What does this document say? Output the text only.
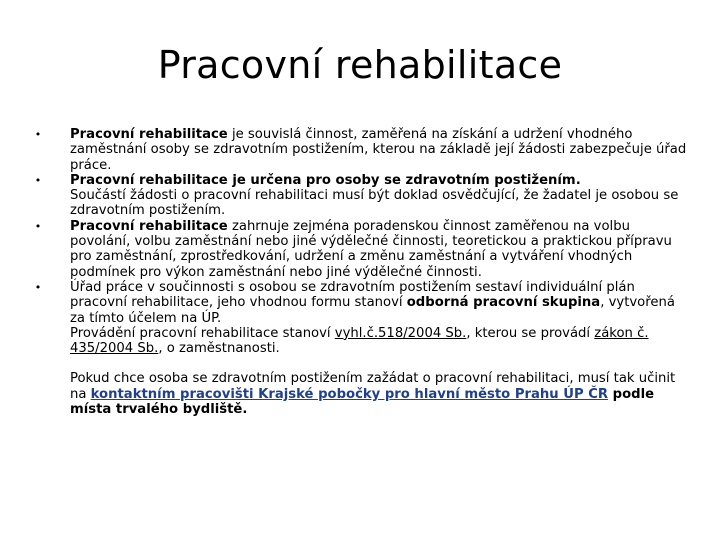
Pracovní rehabilitace
• Pracovní rehabilitace je souvislá činnost, zaměřená na získání a udržení vhodného zaměstnání osoby se zdravotním postižením, kterou na základě její žádosti zabezpečuje úřad práce.
• Pracovní rehabilitace je určena pro osoby se zdravotním postižením.
Součástí žádosti o pracovní rehabilitaci musí být doklad osvědčující, že žadatel je osobou se zdravotním postižením.
• Pracovní rehabilitace zahrnuje zejména poradenskou činnost zaměřenou na volbu povolání, volbu zaměstnání nebo jiné výdělečné činnosti, teoretickou a praktickou přípravu pro zaměstnání, zprostředkování, udržení a změnu zaměstnání a vytváření vhodných podmínek pro výkon zaměstnání nebo jiné výdělečné činnosti.
• Úřad práce v součinnosti s osobou se zdravotním postižením sestaví individuální plán pracovní rehabilitace, jeho vhodnou formu stanoví odborná pracovní skupina, vytvořená za tímto účelem na ÚP.
Provádění pracovní rehabilitace stanoví vyhl.č.518/2004 Sb., kterou se provádí zákon č. 435/2004 Sb., o zaměstnanosti.
Pokud chce osoba se zdravotním postižením zažádat o pracovní rehabilitaci, musí tak učinit na kontaktním pracovišti Krajské pobočky pro hlavní město Prahu ÚP ČR podle místa trvalého bydliště.
